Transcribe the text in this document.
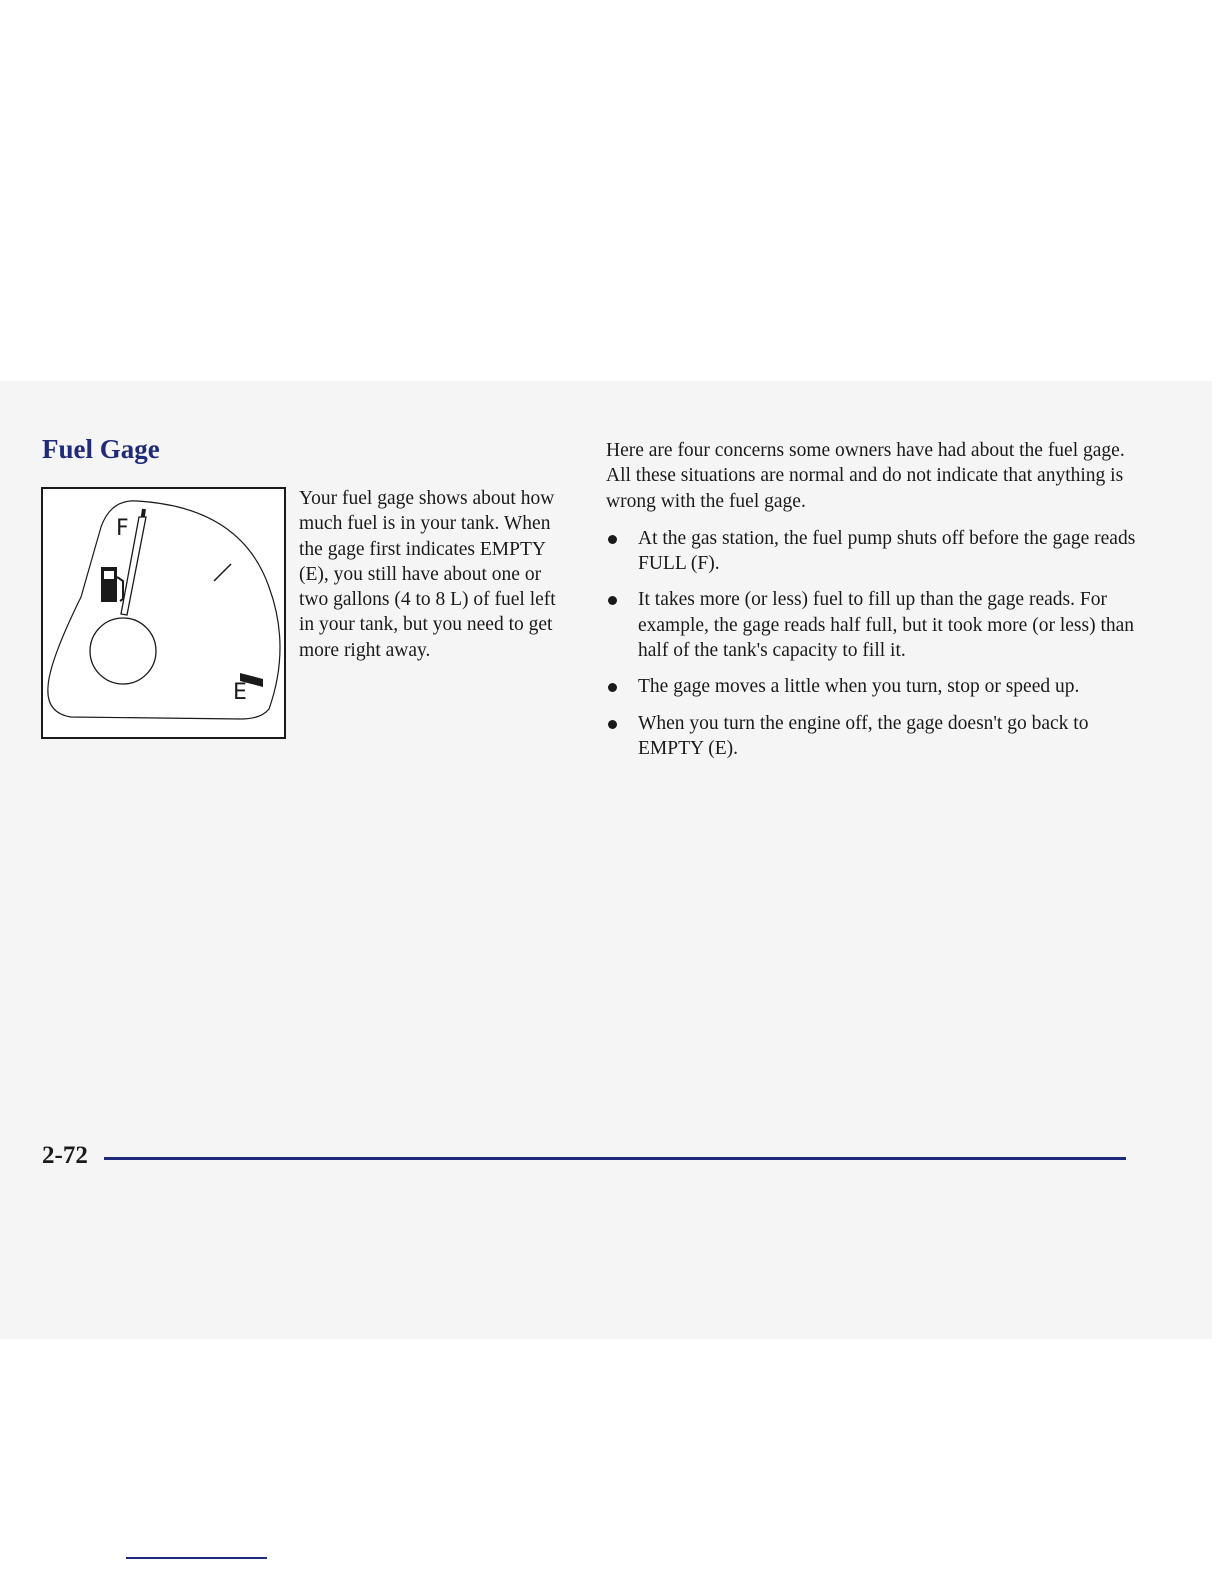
Fuel Gage
F
E

Your fuel gage shows about how much fuel is in your tank. When the gage first indicates EMPTY (E), you still have about one or two gallons (4 to 8 L) of fuel left in your tank, but you need to get more right away.

Here are four concerns some owners have had about the fuel gage. All these situations are normal and do not indicate that anything is wrong with the fuel gage.

At the gas station, the fuel pump shuts off before the gage reads FULL (F).
It takes more (or less) fuel to fill up than the gage reads. For example, the gage reads half full, but it took more (or less) than half of the tank's capacity to fill it.
The gage moves a little when you turn, stop or speed up.
When you turn the engine off, the gage doesn't go back to EMPTY (E).
2-72
